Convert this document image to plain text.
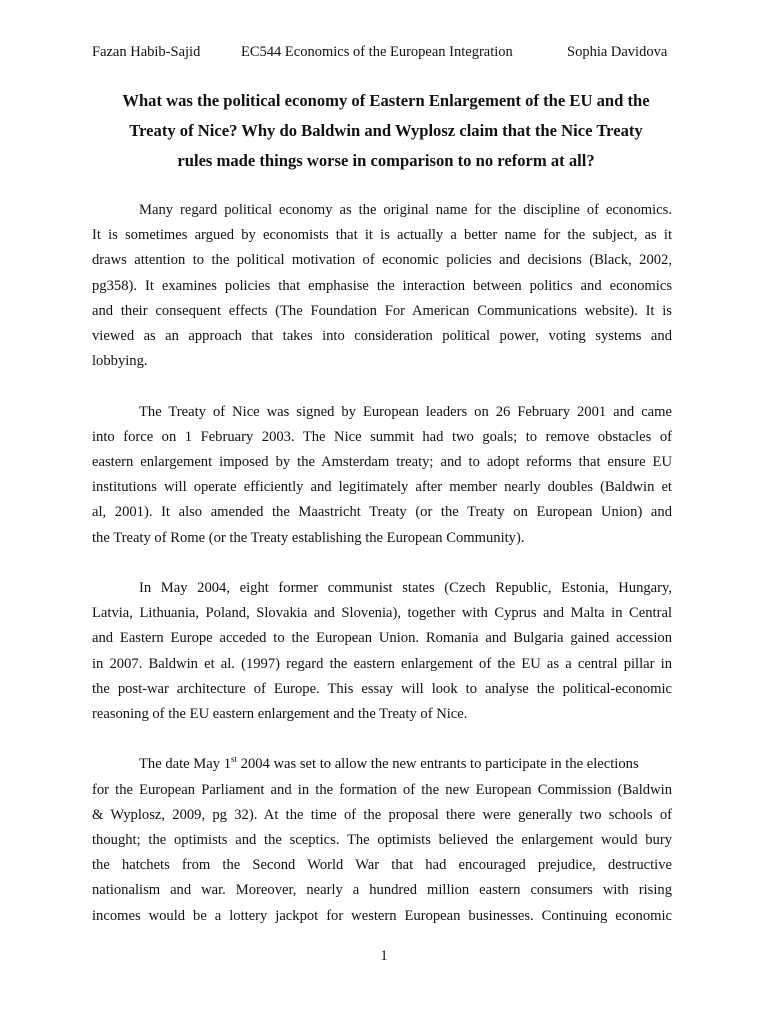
Fazan Habib-Sajid	EC544 Economics of the European Integration	Sophia Davidova
What was the political economy of Eastern Enlargement of the EU and the
Treaty of Nice? Why do Baldwin and Wyplosz claim that the Nice Treaty
rules made things worse in comparison to no reform at all?

Many regard political economy as the original name for the discipline of economics.
It is sometimes argued by economists that it is actually a better name for the subject, as it
draws attention to the political motivation of economic policies and decisions (Black, 2002,
pg358). It examines policies that emphasise the interaction between politics and economics
and their consequent effects (The Foundation For American Communications website). It is
viewed as an approach that takes into consideration political power, voting systems and
lobbying.

The Treaty of Nice was signed by European leaders on 26 February 2001 and came
into force on 1 February 2003. The Nice summit had two goals; to remove obstacles of
eastern enlargement imposed by the Amsterdam treaty; and to adopt reforms that ensure EU
institutions will operate efficiently and legitimately after member nearly doubles (Baldwin et
al, 2001). It also amended the Maastricht Treaty (or the Treaty on European Union) and
the Treaty of Rome (or the Treaty establishing the European Community).

In May 2004, eight former communist states (Czech Republic, Estonia, Hungary,
Latvia, Lithuania, Poland, Slovakia and Slovenia), together with Cyprus and Malta in Central
and Eastern Europe acceded to the European Union. Romania and Bulgaria gained accession
in 2007. Baldwin et al. (1997) regard the eastern enlargement of the EU as a central pillar in
the post-war architecture of Europe. This essay will look to analyse the political-economic
reasoning of the EU eastern enlargement and the Treaty of Nice.

The date May 1st 2004 was set to allow the new entrants to participate in the elections
for the European Parliament and in the formation of the new European Commission (Baldwin
& Wyplosz, 2009, pg 32). At the time of the proposal there were generally two schools of
thought; the optimists and the sceptics. The optimists believed the enlargement would bury
the hatchets from the Second World War that had encouraged prejudice, destructive
nationalism and war. Moreover, nearly a hundred million eastern consumers with rising
incomes would be a lottery jackpot for western European businesses. Continuing economic

1
